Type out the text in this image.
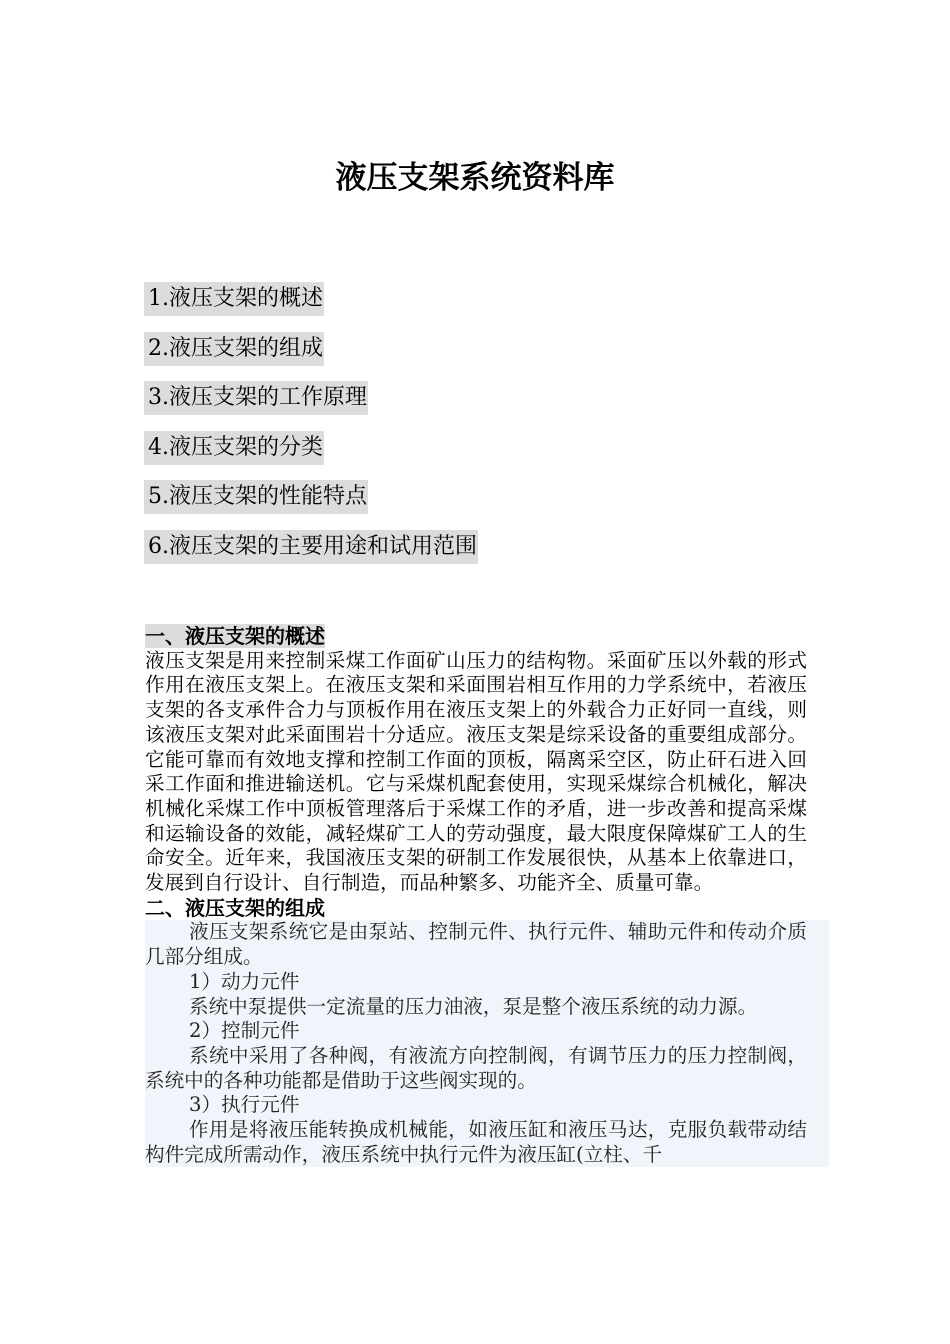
液压支架系统资料库
1.液压支架的概述
2.液压支架的组成
3.液压支架的工作原理
4.液压支架的分类
5.液压支架的性能特点
6.液压支架的主要用途和试用范围
一、液压支架的概述

液压支架是用来控制采煤工作面矿山压力的结构物。采面矿压以外载的形式作用在液压支架上。在液压支架和采面围岩相互作用的力学系统中，若液压支架的各支承件合力与顶板作用在液压支架上的外载合力正好同一直线，则该液压支架对此采面围岩十分适应。液压支架是综采设备的重要组成部分。它能可靠而有效地支撑和控制工作面的顶板，隔离采空区，防止矸石进入回采工作面和推进输送机。它与采煤机配套使用，实现采煤综合机械化，解决机械化采煤工作中顶板管理落后于采煤工作的矛盾，进一步改善和提高采煤和运输设备的效能，减轻煤矿工人的劳动强度，最大限度保障煤矿工人的生命安全。近年来，我国液压支架的研制工作发展很快，从基本上依靠进口，发展到自行设计、自行制造，而品种繁多、功能齐全、质量可靠。

二、液压支架的组成

液压支架系统它是由泵站、控制元件、执行元件、辅助元件和传动介质几部分组成。

1）动力元件

系统中泵提供一定流量的压力油液，泵是整个液压系统的动力源。

2）控制元件

系统中采用了各种阀，有液流方向控制阀，有调节压力的压力控制阀，系统中的各种功能都是借助于这些阀实现的。

3）执行元件

作用是将液压能转换成机械能，如液压缸和液压马达，克服负载带动结构件完成所需动作，液压系统中执行元件为液压缸(立柱、千
